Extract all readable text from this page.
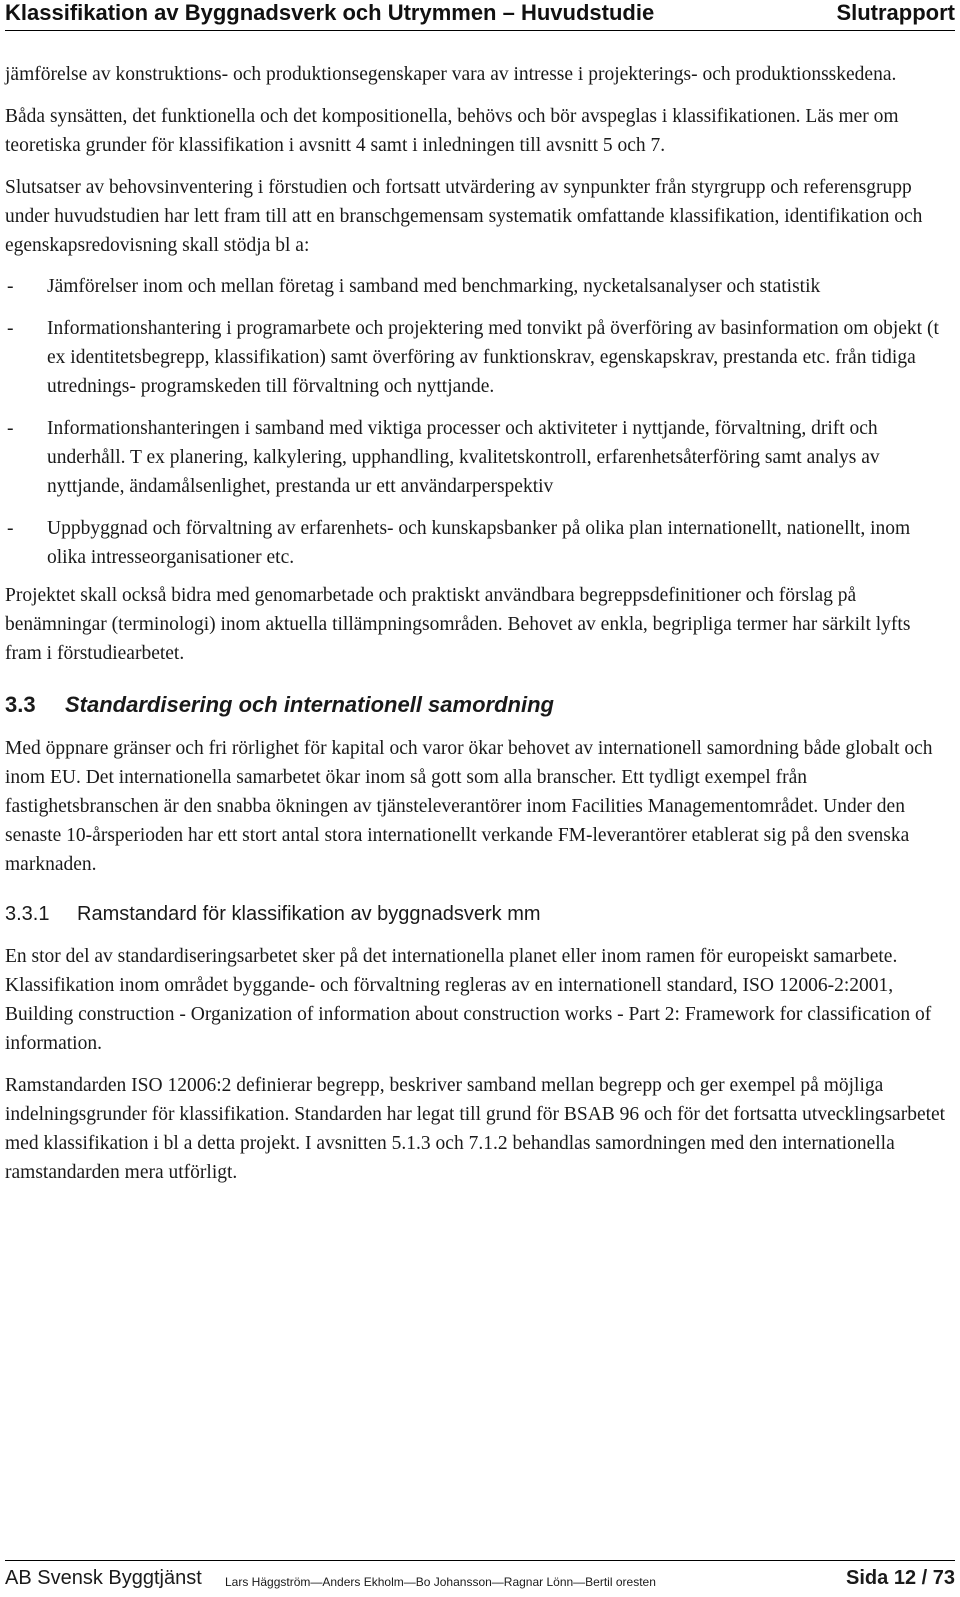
Klassifikation av Byggnadsverk och Utrymmen – Huvudstudie	Slutrapport

jämförelse av konstruktions- och produktionsegenskaper vara av intresse i projekterings- och produktionsskedena.

Båda synsätten, det funktionella och det kompositionella, behövs och bör avspeglas i klassifikationen. Läs mer om teoretiska grunder för klassifikation i avsnitt 4 samt i inledningen till avsnitt 5 och 7.

Slutsatser av behovsinventering i förstudien och fortsatt utvärdering av synpunkter från styrgrupp och referensgrupp under huvudstudien har lett fram till att en branschgemensam systematik omfattande klassifikation, identifikation och egenskapsredovisning skall stödja bl a:

- Jämförelser inom och mellan företag i samband med benchmarking, nycketalsanalyser och statistik
- Informationshantering i programarbete och projektering med tonvikt på överföring av basinformation om objekt (t ex identitetsbegrepp, klassifikation) samt överföring av funktionskrav, egenskapskrav, prestanda etc. från tidiga utrednings- programskeden till förvaltning och nyttjande.
- Informationshanteringen i samband med viktiga processer och aktiviteter i nyttjande, förvaltning, drift och underhåll. T ex planering, kalkylering, upphandling, kvalitetskontroll, erfarenhetsåterföring samt analys av nyttjande, ändamålsenlighet, prestanda ur ett användarperspektiv
- Uppbyggnad och förvaltning av erfarenhets- och kunskapsbanker på olika plan internationellt, nationellt, inom olika intresseorganisationer etc.

Projektet skall också bidra med genomarbetade och praktiskt användbara begreppsdefinitioner och förslag på benämningar (terminologi) inom aktuella tillämpningsområden. Behovet av enkla, begripliga termer har särkilt lyfts fram i förstudiearbetet.

3.3 Standardisering och internationell samordning

Med öppnare gränser och fri rörlighet för kapital och varor ökar behovet av internationell samordning både globalt och inom EU. Det internationella samarbetet ökar inom så gott som alla branscher. Ett tydligt exempel från fastighetsbranschen är den snabba ökningen av tjänsteleverantörer inom Facilities Managementområdet. Under den senaste 10-årsperioden har ett stort antal stora internationellt verkande FM-leverantörer etablerat sig på den svenska marknaden.

3.3.1 Ramstandard för klassifikation av byggnadsverk mm

En stor del av standardiseringsarbetet sker på det internationella planet eller inom ramen för europeiskt samarbete. Klassifikation inom området byggande- och förvaltning regleras av en internationell standard, ISO 12006-2:2001, Building construction - Organization of information about construction works - Part 2: Framework for classification of information.

Ramstandarden ISO 12006:2 definierar begrepp, beskriver samband mellan begrepp och ger exempel på möjliga indelningsgrunder för klassifikation. Standarden har legat till grund för BSAB 96 och för det fortsatta utvecklingsarbetet med klassifikation i bl a detta projekt. I avsnitten 5.1.3 och 7.1.2 behandlas samordningen med den internationella ramstandarden mera utförligt.

AB Svensk Byggtjänst Lars Häggström—Anders Ekholm—Bo Johansson—Ragnar Lönn—Bertil oresten	Sida 12 / 73
